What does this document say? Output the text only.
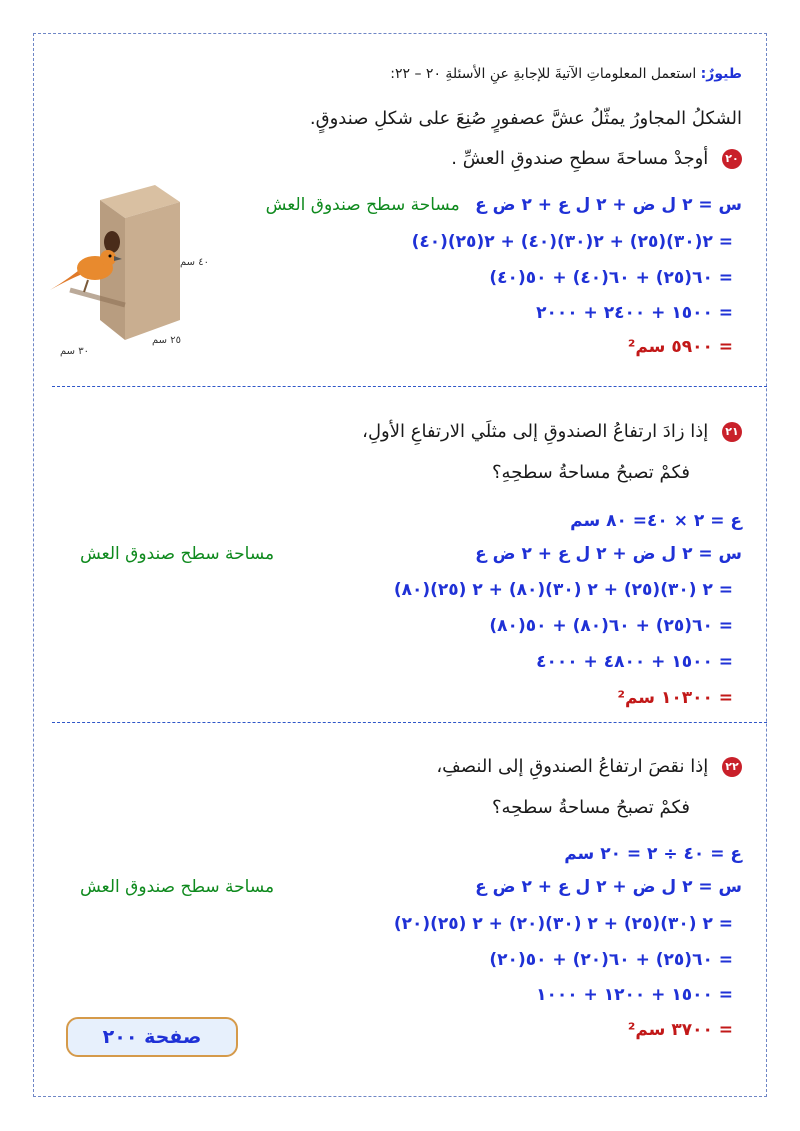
طيورٌ: استعمل المعلوماتِ الآتيةَ للإجابةِ عنِ الأسئلةِ ٢٠ – ٢٢:
الشكلُ المجاورُ يمثّلُ عشَّ عصفورٍ صُنِعَ على شكلِ صندوقٍ.
٢٠ أوجدْ مساحةَ سطحِ صندوقِ العشِّ .
س = ٢ ل ض + ٢ ل ع + ٢ ض ع مساحة سطح صندوق العش
= ٢(٣٠)(٢٥) + ٢(٣٠)(٤٠) + ٢(٢٥)(٤٠)
= ٦٠(٢٥) + ٦٠(٤٠) + ٥٠(٤٠)
= ١٥٠٠ + ٢٤٠٠ + ٢٠٠٠
= ٥٩٠٠ سم²
٤٠ سم
٢٥ سم
٣٠ سم
٢١ إذا زادَ ارتفاعُ الصندوقِ إلى مثلَي الارتفاعِ الأولِ،
فكمْ تصبحُ مساحةُ سطحِهِ؟
ع = ٢ × ٤٠= ٨٠ سم
س = ٢ ل ض + ٢ ل ع + ٢ ض ع
مساحة سطح صندوق العش
= ٢ (٣٠)(٢٥) + ٢ (٣٠)(٨٠) + ٢ (٢٥)(٨٠)
= ٦٠(٢٥) + ٦٠(٨٠) + ٥٠(٨٠)
= ١٥٠٠ + ٤٨٠٠ + ٤٠٠٠
= ١٠٣٠٠ سم²
٢٢ إذا نقصَ ارتفاعُ الصندوقِ إلى النصفِ،
فكمْ تصبحُ مساحةُ سطحِه؟
ع = ٤٠ ÷ ٢ = ٢٠ سم
س = ٢ ل ض + ٢ ل ع + ٢ ض ع
مساحة سطح صندوق العش
= ٢ (٣٠)(٢٥) + ٢ (٣٠)(٢٠) + ٢ (٢٥)(٢٠)
= ٦٠(٢٥) + ٦٠(٢٠) + ٥٠(٢٠)
= ١٥٠٠ + ١٢٠٠ + ١٠٠٠
= ٣٧٠٠ سم²
صفحة ٢٠٠
